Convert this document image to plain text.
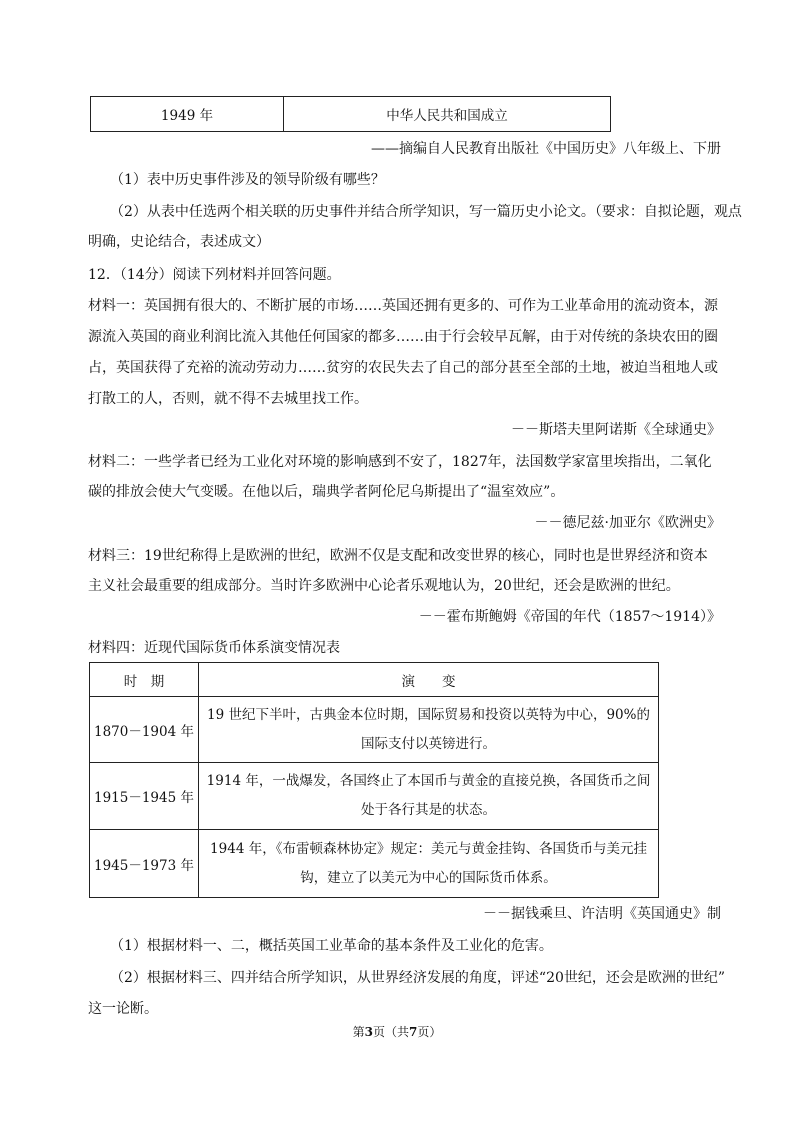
1949 年	中华人民共和国成立
——摘编自人民教育出版社《中国历史》八年级上、下册
（1）表中历史事件涉及的领导阶级有哪些？
（2）从表中任选两个相关联的历史事件并结合所学知识，写一篇历史小论文。（要求：自拟论题，观点
明确，史论结合，表述成文）
12．（14分）阅读下列材料并回答问题。
材料一：英国拥有很大的、不断扩展的市场……英国还拥有更多的、可作为工业革命用的流动资本，源
源流入英国的商业利润比流入其他任何国家的都多……由于行会较早瓦解，由于对传统的条块农田的圈
占，英国获得了充裕的流动劳动力……贫穷的农民失去了自己的部分甚至全部的土地，被迫当租地人或
打散工的人，否则，就不得不去城里找工作。
－－斯塔夫里阿诺斯《全球通史》
材料二：一些学者已经为工业化对环境的影响感到不安了，1827年，法国数学家富里埃指出，二氧化
碳的排放会使大气变暖。在他以后，瑞典学者阿伦尼乌斯提出了“温室效应”。
－－德尼兹·加亚尔《欧洲史》
材料三：19世纪称得上是欧洲的世纪，欧洲不仅是支配和改变世界的核心，同时也是世界经济和资本
主义社会最重要的组成部分。当时许多欧洲中心论者乐观地认为，20世纪，还会是欧洲的世纪。
－－霍布斯鲍姆《帝国的年代（1857～1914）》
材料四：近现代国际货币体系演变情况表
时　期	演　　变
1870－1904 年	19 世纪下半叶，古典金本位时期，国际贸易和投资以英特为中心，90%的
国际支付以英镑进行。

1915－1945 年	1914 年，一战爆发，各国终止了本国币与黄金的直接兑换，各国货币之间
处于各行其是的状态。

1945－1973 年	1944 年，《布雷顿森林协定》规定：美元与黄金挂钩、各国货币与美元挂
钩，建立了以美元为中心的国际货币体系。
－－据钱乘旦、许洁明《英国通史》制
（1）根据材料一、二，概括英国工业革命的基本条件及工业化的危害。
（2）根据材料三、四并结合所学知识，从世界经济发展的角度，评述“20世纪，还会是欧洲的世纪”
这一论断。
第3页（共7页）
